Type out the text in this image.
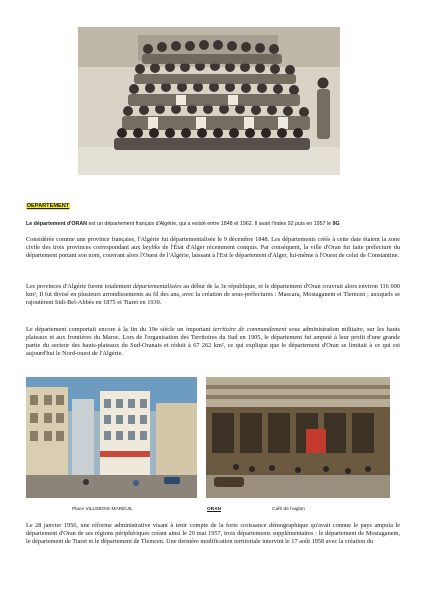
DEPARTEMENT
Le département d'ORAN est un département français d'Algérie, qui a existé entre 1848 et 1962. Il avait l'index 92 puis en 1957 le 9G
Considérée comme une province française, l'Algérie fut départementalisée le 9 décembre 1848. Les départements créés à cette date étaient la zone civile des trois provinces correspondant aux beyliks de l'État d'Alger récemment conquis. Par conséquent, la ville d'Oran fut faite préfecture du département portant son nom, couvrant alors l'Ouest de l'Algérie, laissant à l'Est le département d'Alger, lui-même à l'Ouest de celui de Constantine.
Les provinces d'Algérie furent totalement départementalisées au début de la 3e république, et le département d'Oran couvrait alors environ 116 000 km², Il fut divisé en plusieurs arrondissements au fil des ans, avec la création de sous-préfectures : Mascara, Mostaganem et Tlemcen ; auxquels se rajoutèrent Sidi-Bel-Abbès en 1875 et Tiaret en 1939.
Le département comportait encore à la fin du 19e siècle un important territoire de commandement sous administration militaire, sur les hauts plateaux et aux frontières du Maroc. Lors de l'organisation des Territoires du Sud en 1905, le département fut amputé à leur profit d'une grande partie du secteur des hauts-plateaux du Sud-Oranais et réduit à 67 262 km², ce qui explique que le département d'Oran se limitait à ce qui est aujourd'hui le Nord-ouest de l'Algérie.
Place VILLEBOIS-MAREUIL	ORAN	Café de l'aiglon
Le 28 janvier 1956, une réforme administrative visant à tenir compte de la forte croissance démographique qu'avait connue le pays amputa le département d'Oran de ses régions périphériques créant ainsi le 20 mai 1957, trois départements supplémentaires : le département de Mostaganem, le département de Tiaret et le département de Tlemcen. Une dernière modification territoriale intervint le 17 août 1958 avec la création du
